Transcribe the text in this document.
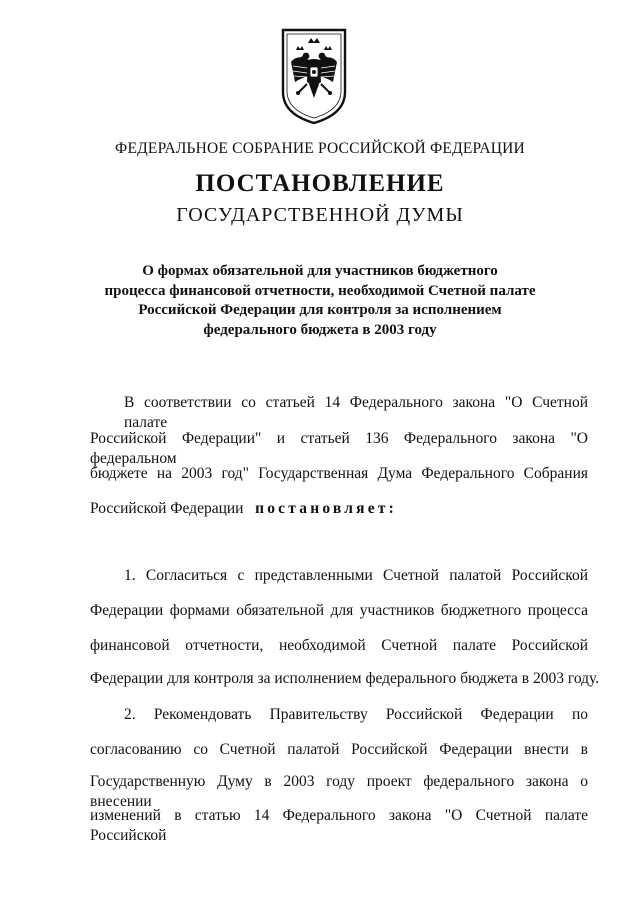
ФЕДЕРАЛЬНОЕ СОБРАНИЕ РОССИЙСКОЙ ФЕДЕРАЦИИ
ПОСТАНОВЛЕНИЕ
ГОСУДАРСТВЕННОЙ ДУМЫ
О формах обязательной для участников бюджетного
процесса финансовой отчетности, необходимой Счетной палате
Российской Федерации для контроля за исполнением
федерального бюджета в 2003 году
В соответствии со статьей 14 Федерального закона "О Счетной палате
Российской Федерации" и статьей 136 Федерального закона "О федеральном
бюджете на 2003 год" Государственная Дума Федерального Собрания
Российской Федерации постановляет:
1. Согласиться с представленными Счетной палатой Российской
Федерации формами обязательной для участников бюджетного процесса
финансовой отчетности, необходимой Счетной палате Российской
Федерации для контроля за исполнением федерального бюджета в 2003 году.
2. Рекомендовать Правительству Российской Федерации по
согласованию со Счетной палатой Российской Федерации внести в
Государственную Думу в 2003 году проект федерального закона о внесении
изменений в статью 14 Федерального закона "О Счетной палате Российской
